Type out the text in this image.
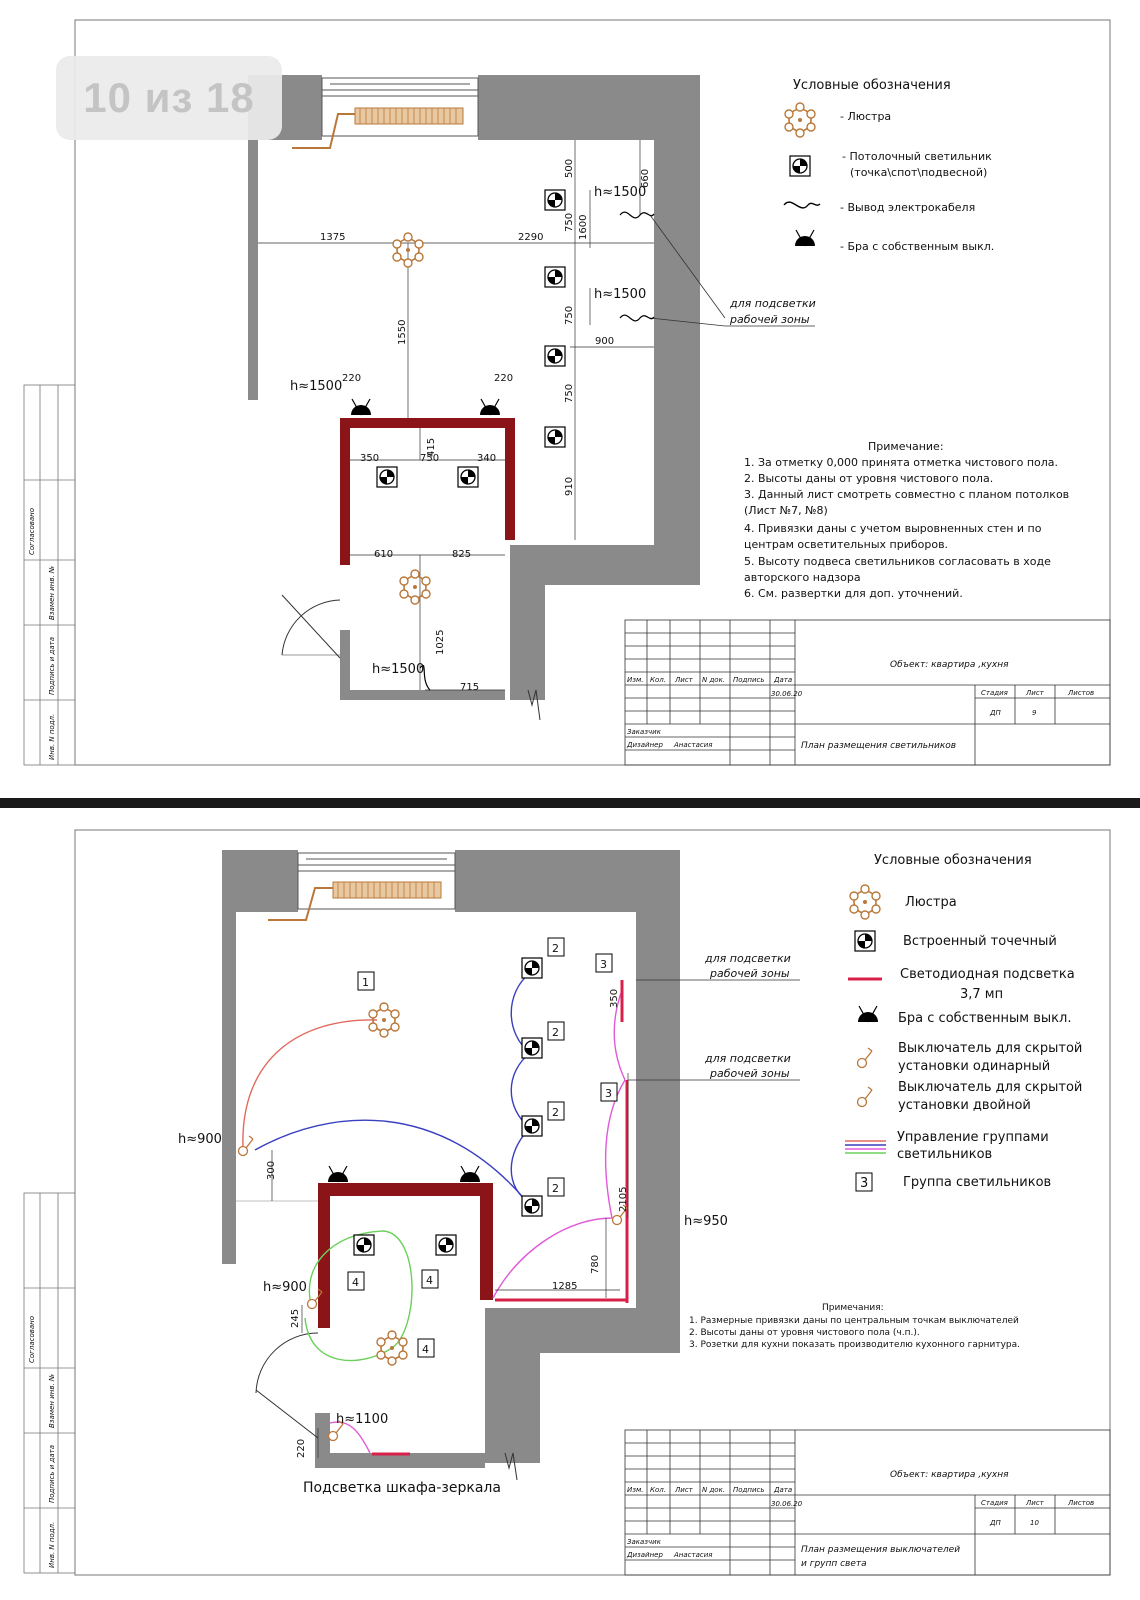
Согласовано
Взамен инв. №
Подпись и дата
Инв. N подл.
1375	2290
500
660
750 1600
750
900
1550
750
220	220
415
350	750	340
910
610	825
1025
715
h≈1500
h≈1500
h≈1500
h≈1500
для подсветки
рабочей зоны
Условные обозначения
- Люстра
- Потолочный светильник
(точка\спот\подвесной)
- Вывод электрокабеля
- Бра с собственным выкл.
Примечание:
1. За отметку 0,000 принята отметка чистового пола.
2. Высоты даны от уровня чистового пола.
3. Данный лист смотреть совместно с планом потолков
(Лист №7, №8)
4. Привязки даны с учетом выровненных стен и по
центрам осветительных приборов.
5. Высоту подвеса светильников согласовать в ходе
авторского надзора
6. См. развертки для доп. уточнений.
Объект: квартира ,кухня
Изм. Кол. Лист N док. Подпись Дата
30.06.20	Стадия	Лист	Листов
ДП	9
Заказчик
Дизайнер Анастасия	План размещения светильников
Согласовано
Взамен инв. №
Подпись и дата
Инв. N подл.
1
2
2
2
2
3
3
4	4
4
для подсветки
рабочей зоны
для подсветки
рабочей зоны
h≈900
h≈950
h≈900
h≈1100
350
300
2105
780
1285
245
220
Подсветка шкафа-зеркала
Условные обозначения
Люстра
Встроенный точечный
Светодиодная подсветка
3,7 мп
Бра с собственным выкл.
Выключатель для скрытой
установки одинарный
Выключатель для скрытой
установки двойной
Управление группами
светильников
3	Группа светильников
Примечания:
1. Размерные привязки даны по центральным точкам выключателей
2. Высоты даны от уровня чистового пола (ч.п.).
3. Розетки для кухни показать производителю кухонного гарнитура.
Объект: квартира ,кухня
Изм. Кол. Лист N док. Подпись Дата
30.06.20	Стадия	Лист	Листов
ДП	10
Заказчик
Дизайнер Анастасия	План размещения выключателей
и групп света
10 из 18
